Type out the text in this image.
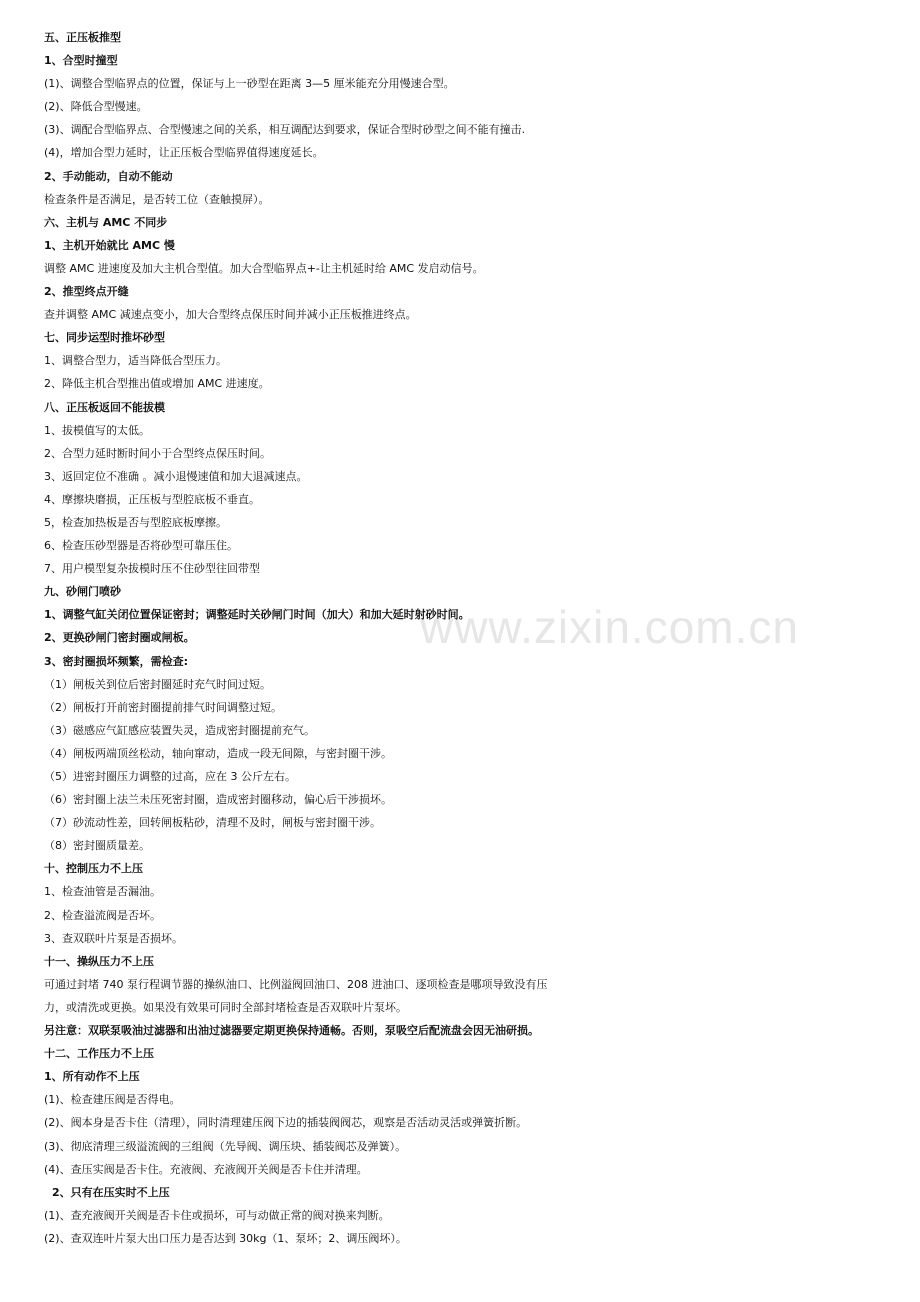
www.zixin.com.cn
五、正压板推型
1、合型时撞型
(1)、调整合型临界点的位置，保证与上一砂型在距离 3—5 厘米能充分用慢速合型。
(2)、降低合型慢速。
(3)、调配合型临界点、合型慢速之间的关系，相互调配达到要求，保证合型时砂型之间不能有撞击.
(4)，增加合型力延时，让正压板合型临界值得速度延长。
2、手动能动，自动不能动
检查条件是否满足，是否转工位（查触摸屏）。
六、主机与 AMC 不同步
1、主机开始就比 AMC 慢
调整 AMC 进速度及加大主机合型值。加大合型临界点+-让主机延时给 AMC 发启动信号。
2、推型终点开缝
查并调整 AMC 减速点变小，加大合型终点保压时间并减小正压板推进终点。
七、同步运型时推坏砂型
1、调整合型力，适当降低合型压力。
2、降低主机合型推出值或增加 AMC 进速度。
八、正压板返回不能拔模
1、拔模值写的太低。
2、合型力延时断时间小于合型终点保压时间。
3、返回定位不准确 。减小退慢速值和加大退减速点。
4、摩擦块磨损，正压板与型腔底板不垂直。
5，检查加热板是否与型腔底板摩擦。
6、检查压砂型器是否将砂型可靠压住。
7、用户模型复杂拔模时压不住砂型往回带型
九、砂闸门喷砂
1、调整气缸关闭位置保证密封；调整延时关砂闸门时间（加大）和加大延时射砂时间。
2、更换砂闸门密封圈或闸板。
3、密封圈损坏频繁，需检查:
（1）闸板关到位后密封圈延时充气时间过短。
（2）闸板打开前密封圈提前排气时间调整过短。
（3）磁感应气缸感应装置失灵，造成密封圈提前充气。
（4）闸板两端顶丝松动，轴向窜动，造成一段无间隙，与密封圈干涉。
（5）进密封圈压力调整的过高，应在 3 公斤左右。
（6）密封圈上法兰未压死密封圈，造成密封圈移动，偏心后干涉损坏。
（7）砂流动性差，回转闸板粘砂，清理不及时，闸板与密封圈干涉。
（8）密封圈质量差。
十、控制压力不上压
1、检查油管是否漏油。
2、检查溢流阀是否坏。
3、查双联叶片泵是否损坏。
十一、操纵压力不上压
可通过封堵 740 泵行程调节器的操纵油口、比例溢阀回油口、208 进油口、逐项检查是哪项导致没有压
力，或清洗或更换。如果没有效果可同时全部封堵检查是否双联叶片泵坏。
另注意：双联泵吸油过滤器和出油过滤器要定期更换保持通畅。否则，泵吸空后配流盘会因无油研损。
十二、工作压力不上压
1、所有动作不上压
(1)、检查建压阀是否得电。
(2)、阀本身是否卡住（清理），同时清理建压阀下边的插装阀阀芯，观察是否活动灵活或弹簧折断。
(3)、彻底清理三级溢流阀的三组阀（先导阀、调压块、插装阀芯及弹簧）。
(4)、查压实阀是否卡住。充液阀、充液阀开关阀是否卡住并清理。
2、只有在压实时不上压
(1)、查充液阀开关阀是否卡住或损坏，可与动做正常的阀对换来判断。
(2)、查双连叶片泵大出口压力是否达到 30kg（1、泵坏；2、调压阀坏）。
